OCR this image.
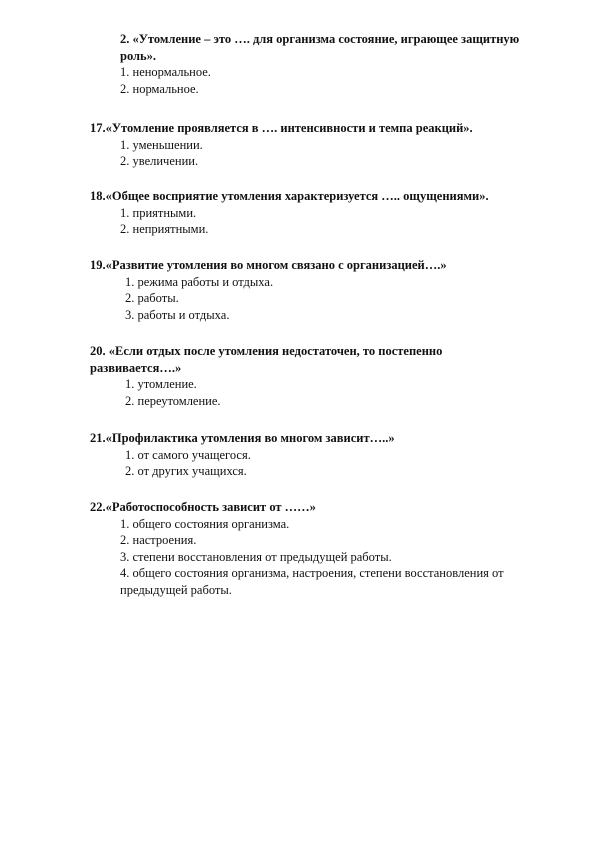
2. «Утомление – это …. для организма состояние, играющее защитную роль».

1. ненормальное.
2. нормальное.

17.«Утомление проявляется в …. интенсивности и темпа реакций».

1. уменьшении.
2. увеличении.

18.«Общее восприятие утомления характеризуется ….. ощущениями».

1. приятными.
2. неприятными.

19.«Развитие утомления во многом связано с организацией….»

1. режима работы и отдыха.
2. работы.
3. работы и отдыха.

20. «Если отдых после утомления недостаточен, то постепенно развивается….»

1. утомление.
2. переутомление.

21.«Профилактика утомления во многом зависит…..»

1. от самого учащегося.
2. от других учащихся.

22.«Работоспособность зависит от ……»

1. общего состояния организма.
2. настроения.
3. степени восстановления от предыдущей работы.
4. общего состояния организма, настроения, степени восстановления от предыдущей работы.
